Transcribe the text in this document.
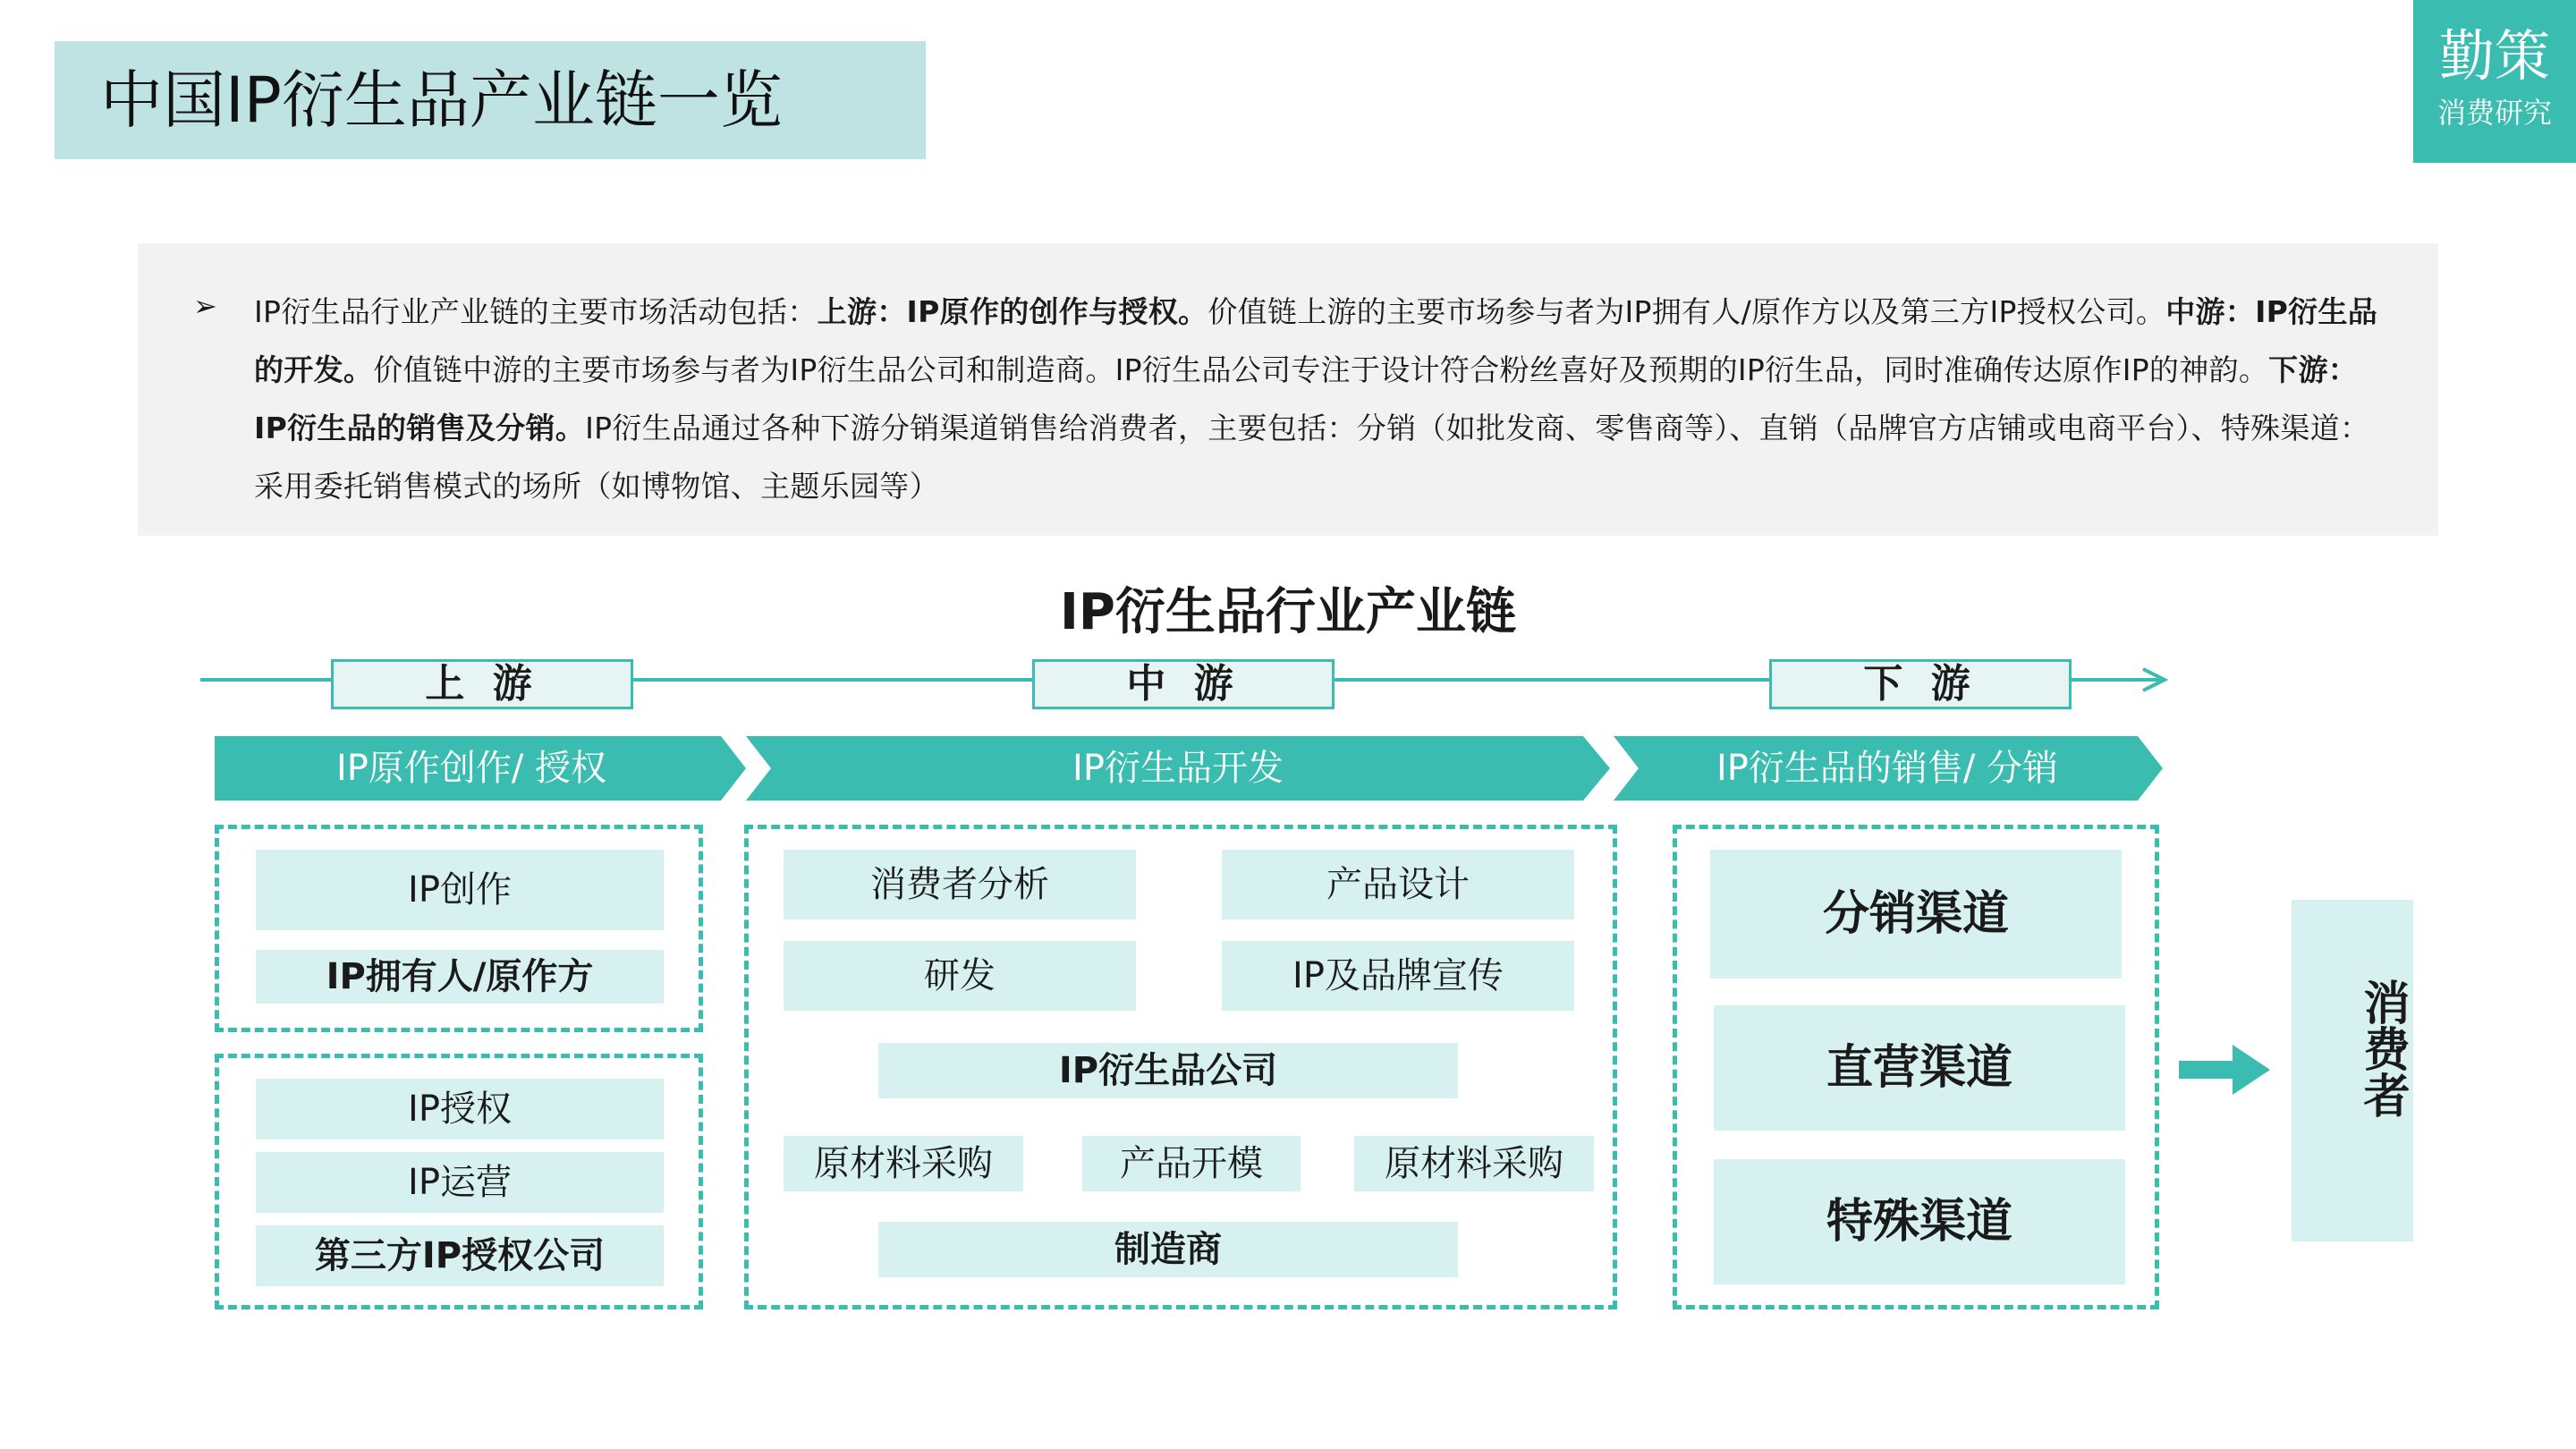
中国IP衍生品产业链一览
勤策
消费研究
➢ IP衍生品行业产业链的主要市场活动包括：上游：IP原作的创作与授权。价值链上游的主要市场参与者为IP拥有人/原作方以及第三方IP授权公司。中游：IP衍生品的开发。价值链中游的主要市场参与者为IP衍生品公司和制造商。IP衍生品公司专注于设计符合粉丝喜好及预期的IP衍生品，同时准确传达原作IP的神韵。下游：IP衍生品的销售及分销。IP衍生品通过各种下游分销渠道销售给消费者，主要包括：分销（如批发商、零售商等）、直销（品牌官方店铺或电商平台）、特殊渠道：采用委托销售模式的场所（如博物馆、主题乐园等）
IP衍生品行业产业链
上 游	中 游	下 游
IP原作创作/ 授权	IP衍生品开发	IP衍生品的销售/ 分销
IP创作
IP拥有人/原作方
IP授权
IP运营
第三方IP授权公司
消费者分析	产品设计
研发	IP及品牌宣传
IP衍生品公司
原材料采购	产品开模	原材料采购
制造商
分销渠道
直营渠道
特殊渠道
消费者
